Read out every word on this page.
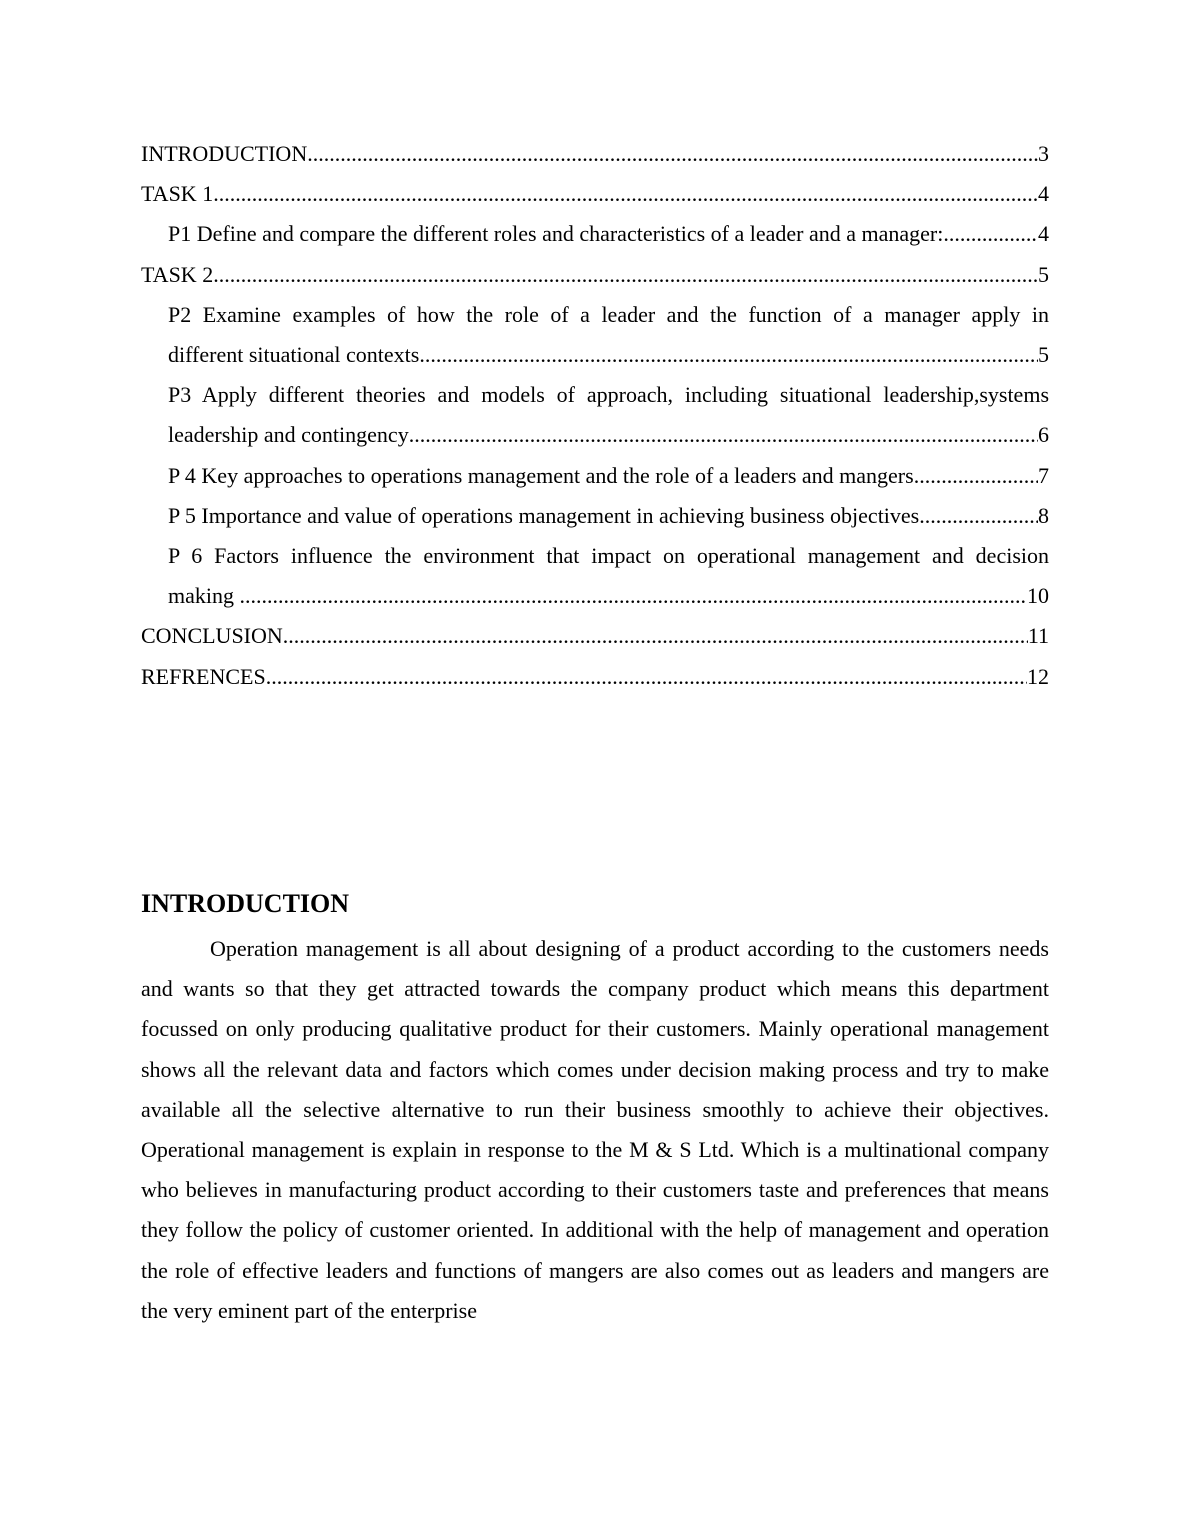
INTRODUCTION .....	3
TASK 1 .....	4
P1 Define and compare the different roles and characteristics of a leader and a manager: .....	4
TASK 2 .....	5
P2 Examine examples of how the role of a leader and the function of a manager apply in
different situational contexts .....	5
P3 Apply different theories and models of approach, including situational leadership,systems
leadership and contingency .....	6
P 4 Key approaches to operations management and the role of a leaders and mangers .....	7
P 5 Importance and value of operations management in achieving business objectives .....	8
P 6 Factors influence the environment that impact on operational management and decision
making .....	10
CONCLUSION .....	11
REFRENCES .....	12
INTRODUCTION

Operation management is all about designing of a product according to the customers needs and wants so that they get attracted towards the company product which means this department focussed on only producing qualitative product for their customers. Mainly operational management shows all the relevant data and factors which comes under decision making process and try to make available all the selective alternative to run their business smoothly to achieve their objectives. Operational management is explain in response to the M & S Ltd. Which is a multinational company who believes in manufacturing product according to their customers taste and preferences that means they follow the policy of customer oriented. In additional with the help of management and operation the role of effective leaders and functions of mangers are also comes out as leaders and mangers are the very eminent part of the enterprise
